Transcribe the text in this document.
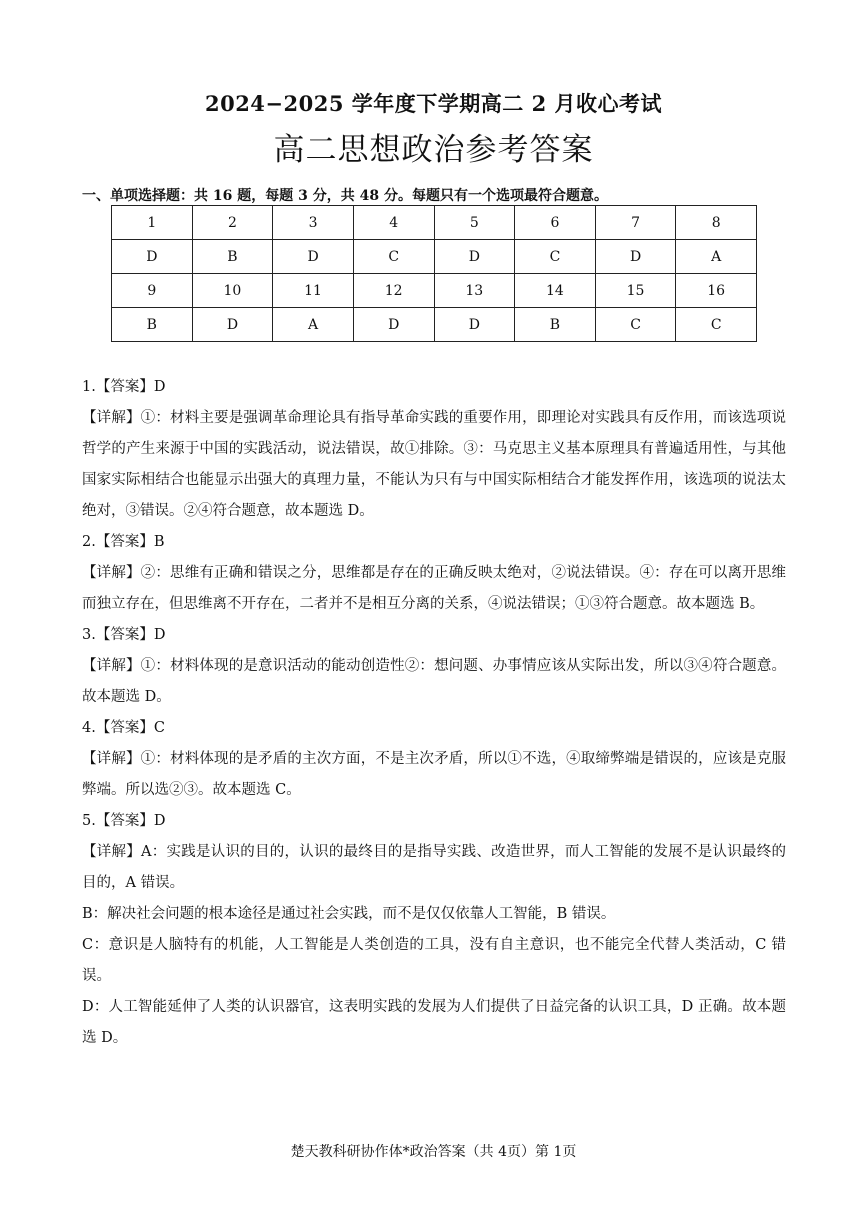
2024−2025 学年度下学期高二 2 月收心考试
高二思想政治参考答案
一、单项选择题：共 16 题，每题 3 分，共 48 分。每题只有一个选项最符合题意。
1	2	3	4	5	6	7	8
D	B	D	C	D	C	D	A
9	10	11	12	13	14	15	16
B	D	A	D	D	B	C	C

1.【答案】D

【详解】①：材料主要是强调革命理论具有指导革命实践的重要作用，即理论对实践具有反作用，而该选项说哲学的产生来源于中国的实践活动，说法错误，故①排除。③：马克思主义基本原理具有普遍适用性，与其他国家实际相结合也能显示出强大的真理力量，不能认为只有与中国实际相结合才能发挥作用，该选项的说法太绝对，③错误。②④符合题意，故本题选 D。

2.【答案】B

【详解】②：思维有正确和错误之分，思维都是存在的正确反映太绝对，②说法错误。④：存在可以离开思维而独立存在，但思维离不开存在，二者并不是相互分离的关系，④说法错误；①③符合题意。故本题选 B。

3.【答案】D

【详解】①：材料体现的是意识活动的能动创造性②：想问题、办事情应该从实际出发，所以③④符合题意。故本题选 D。

4.【答案】C

【详解】①：材料体现的是矛盾的主次方面，不是主次矛盾，所以①不选，④取缔弊端是错误的，应该是克服弊端。所以选②③。故本题选 C。

5.【答案】D

【详解】A：实践是认识的目的，认识的最终目的是指导实践、改造世界，而人工智能的发展不是认识最终的目的，A 错误。

B：解决社会问题的根本途径是通过社会实践，而不是仅仅依靠人工智能，B 错误。

C：意识是人脑特有的机能，人工智能是人类创造的工具，没有自主意识，也不能完全代替人类活动，C 错误。

D：人工智能延伸了人类的认识器官，这表明实践的发展为人们提供了日益完备的认识工具，D 正确。故本题选 D。

楚天教科研协作体*政治答案（共 4页）第 1页
